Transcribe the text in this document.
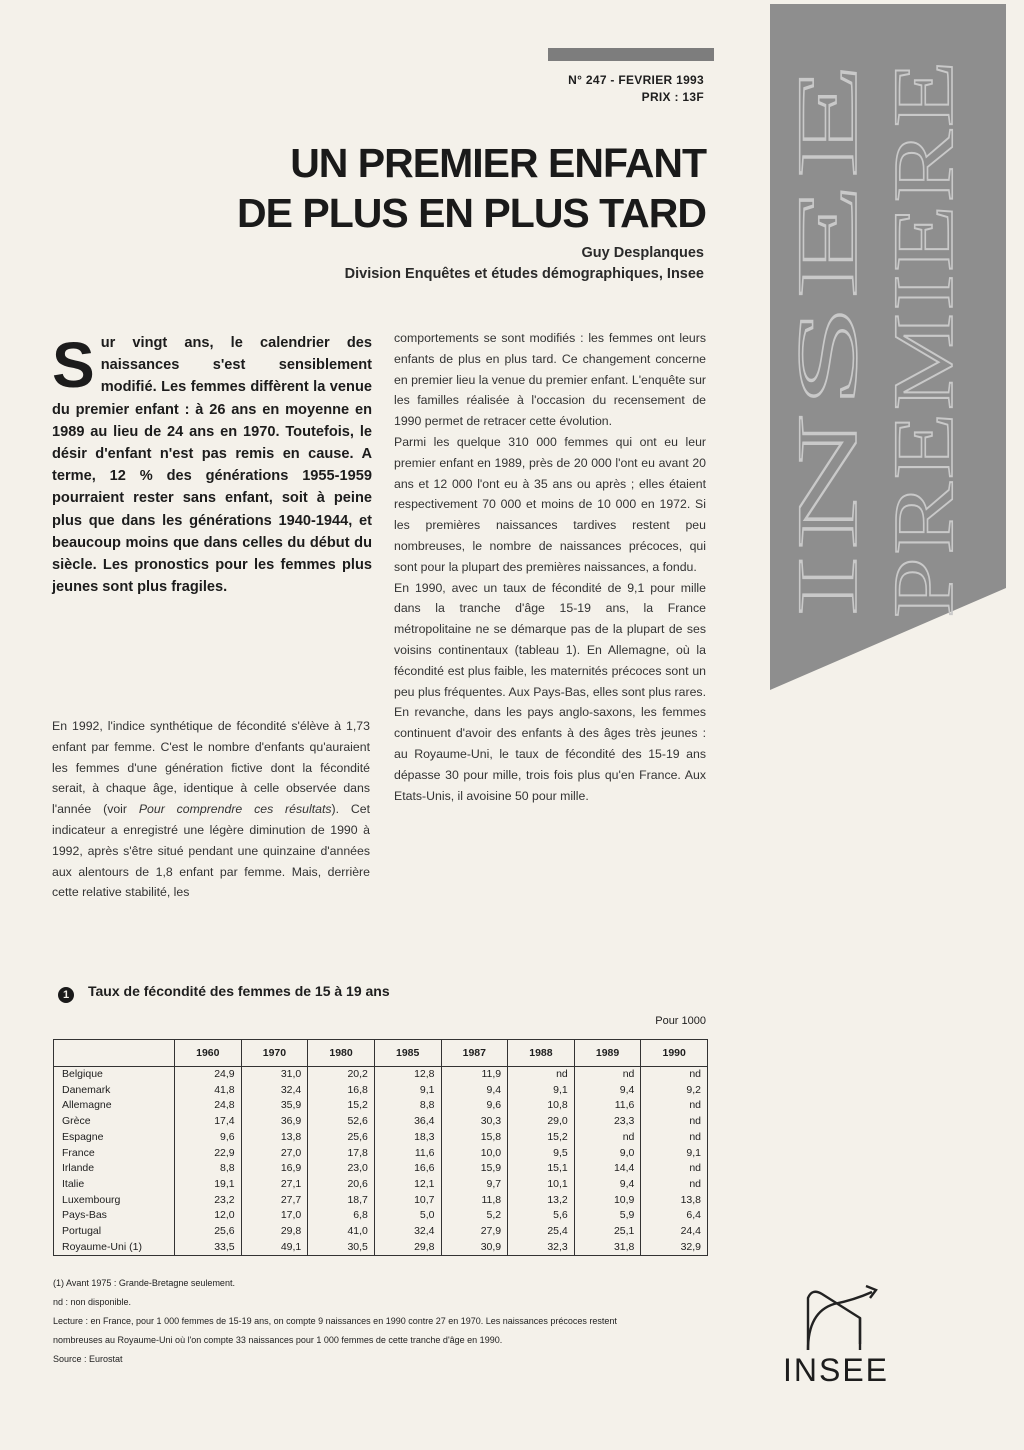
INSEE PREMIERE
N° 247 - FEVRIER 1993
PRIX : 13F
UN PREMIER ENFANT
DE PLUS EN PLUS TARD
Guy Desplanques
Division Enquêtes et études démographiques, Insee
Sur vingt ans, le calendrier des naissances s'est sensiblement modifié. Les femmes diffèrent la venue du premier enfant : à 26 ans en moyenne en 1989 au lieu de 24 ans en 1970. Toutefois, le désir d'enfant n'est pas remis en cause. A terme, 12 % des générations 1955-1959 pourraient rester sans enfant, soit à peine plus que dans les générations 1940-1944, et beaucoup moins que dans celles du début du siècle. Les pronostics pour les femmes plus jeunes sont plus fragiles.

En 1992, l'indice synthétique de fécondité s'élève à 1,73 enfant par femme. C'est le nombre d'enfants qu'auraient les femmes d'une génération fictive dont la fécondité serait, à chaque âge, identique à celle observée dans l'année (voir Pour comprendre ces résultats). Cet indicateur a enregistré une légère diminution de 1990 à 1992, après s'être situé pendant une quinzaine d'années aux alentours de 1,8 enfant par femme. Mais, derrière cette relative stabilité, les

comportements se sont modifiés : les femmes ont leurs enfants de plus en plus tard. Ce changement concerne en premier lieu la venue du premier enfant. L'enquête sur les familles réalisée à l'occasion du recensement de 1990 permet de retracer cette évolution.

Parmi les quelque 310 000 femmes qui ont eu leur premier enfant en 1989, près de 20 000 l'ont eu avant 20 ans et 12 000 l'ont eu à 35 ans ou après ; elles étaient respectivement 70 000 et moins de 10 000 en 1972. Si les premières naissances tardives restent peu nombreuses, le nombre de naissances précoces, qui sont pour la plupart des premières naissances, a fondu.

En 1990, avec un taux de fécondité de 9,1 pour mille dans la tranche d'âge 15-19 ans, la France métropolitaine ne se démarque pas de la plupart de ses voisins continentaux (tableau 1). En Allemagne, où la fécondité est plus faible, les maternités précoces sont un peu plus fréquentes. Aux Pays-Bas, elles sont plus rares. En revanche, dans les pays anglo-saxons, les femmes continuent d'avoir des enfants à des âges très jeunes : au Royaume-Uni, le taux de fécondité des 15-19 ans dépasse 30 pour mille, trois fois plus qu'en France. Aux Etats-Unis, il avoisine 50 pour mille.

1 Taux de fécondité des femmes de 15 à 19 ans
Pour 1000
	1960	1970	1980	1985	1987	1988	1989	1990
Belgique	24,9	31,0	20,2	12,8	11,9	nd	nd	nd
Danemark	41,8	32,4	16,8	9,1	9,4	9,1	9,4	9,2
Allemagne	24,8	35,9	15,2	8,8	9,6	10,8	11,6	nd
Grèce	17,4	36,9	52,6	36,4	30,3	29,0	23,3	nd
Espagne	9,6	13,8	25,6	18,3	15,8	15,2	nd	nd
France	22,9	27,0	17,8	11,6	10,0	9,5	9,0	9,1
Irlande	8,8	16,9	23,0	16,6	15,9	15,1	14,4	nd
Italie	19,1	27,1	20,6	12,1	9,7	10,1	9,4	nd
Luxembourg	23,2	27,7	18,7	10,7	11,8	13,2	10,9	13,8
Pays-Bas	12,0	17,0	6,8	5,0	5,2	5,6	5,9	6,4
Portugal	25,6	29,8	41,0	32,4	27,9	25,4	25,1	24,4
Royaume-Uni (1)	33,5	49,1	30,5	29,8	30,9	32,3	31,8	32,9
(1) Avant 1975 : Grande-Bretagne seulement.
nd : non disponible.
Lecture : en France, pour 1 000 femmes de 15-19 ans, on compte 9 naissances en 1990 contre 27 en 1970. Les naissances précoces restent
nombreuses au Royaume-Uni où l'on compte 33 naissances pour 1 000 femmes de cette tranche d'âge en 1990.
Source : Eurostat	INSEE
